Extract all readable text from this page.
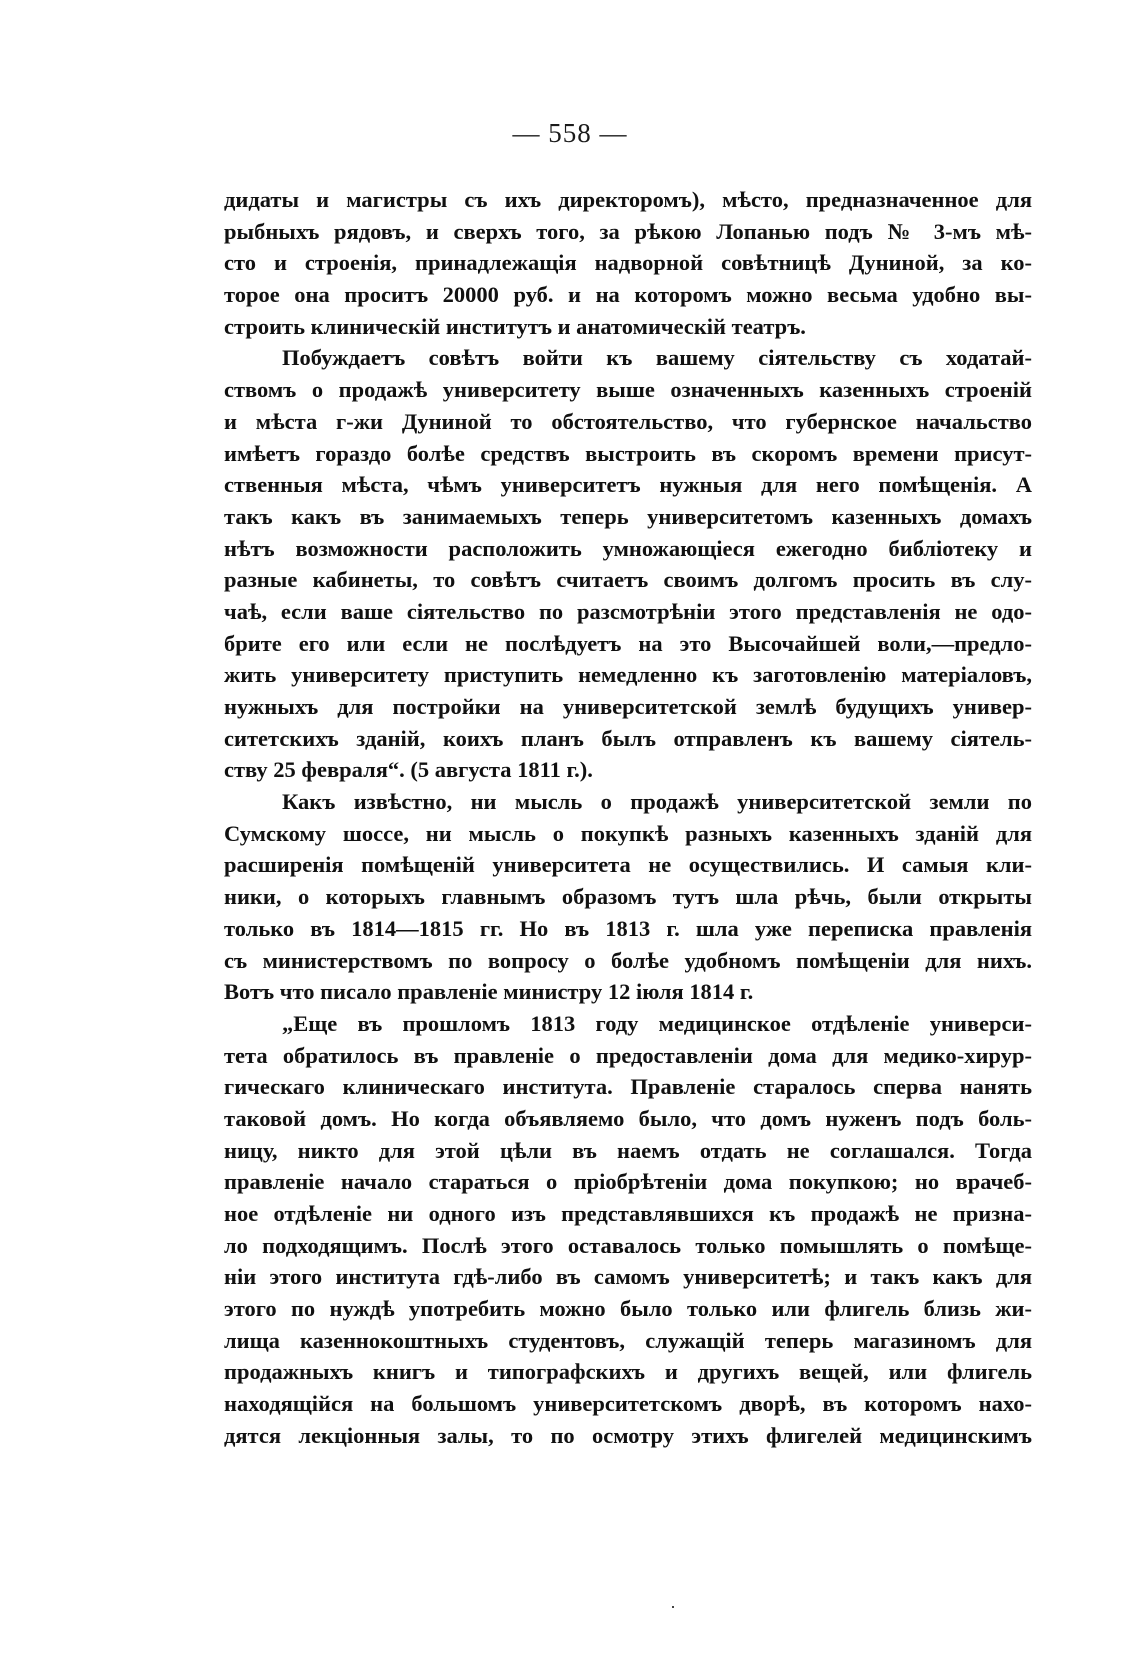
— 558 —
дидаты и магистры съ ихъ директоромъ), мѣсто, предназначенное для
рыбныхъ рядовъ, и сверхъ того, за рѣкою Лопанью подъ № 3-мъ мѣ-
сто и строенія, принадлежащія надворной совѣтницѣ Дуниной, за ко-
торое она проситъ 20000 руб. и на которомъ можно весьма удобно вы-
строить клиническій институтъ и анатомическій театръ.
Побуждаетъ совѣтъ войти къ вашему сіятельству съ ходатай-
ствомъ о продажѣ университету выше означенныхъ казенныхъ строеній
и мѣста г-жи Дуниной то обстоятельство, что губернское начальство
имѣетъ гораздо болѣе средствъ выстроить въ скоромъ времени присут-
ственныя мѣста, чѣмъ университетъ нужныя для него помѣщенія. А
такъ какъ въ занимаемыхъ теперь университетомъ казенныхъ домахъ
нѣтъ возможности расположить умножающіеся ежегодно библіотеку и
разные кабинеты, то совѣтъ считаетъ своимъ долгомъ просить въ слу-
чаѣ, если ваше сіятельство по разсмотрѣніи этого представленія не одо-
брите его или если не послѣдуетъ на это Высочайшей воли,—предло-
жить университету приступить немедленно къ заготовленію матеріаловъ,
нужныхъ для постройки на университетской землѣ будущихъ универ-
ситетскихъ зданій, коихъ планъ былъ отправленъ къ вашему сіятель-
ству 25 февраля“. (5 августа 1811 г.).
Какъ извѣстно, ни мысль о продажѣ университетской земли по
Сумскому шоссе, ни мысль о покупкѣ разныхъ казенныхъ зданій для
расширенія помѣщеній университета не осуществились. И самыя кли-
ники, о которыхъ главнымъ образомъ тутъ шла рѣчь, были открыты
только въ 1814—1815 гг. Но въ 1813 г. шла уже переписка правленія
съ министерствомъ по вопросу о болѣе удобномъ помѣщеніи для нихъ.
Вотъ что писало правленіе министру 12 іюля 1814 г.
„Еще въ прошломъ 1813 году медицинское отдѣленіе универси-
тета обратилось въ правленіе о предоставленіи дома для медико-хирур-
гическаго клиническаго института. Правленіе старалось сперва нанять
таковой домъ. Но когда объявляемо было, что домъ нуженъ подъ боль-
ницу, никто для этой цѣли въ наемъ отдать не соглашался. Тогда
правленіе начало стараться о пріобрѣтеніи дома покупкою; но врачеб-
ное отдѣленіе ни одного изъ представлявшихся къ продажѣ не призна-
ло подходящимъ. Послѣ этого оставалось только помышлять о помѣще-
ніи этого института гдѣ-либо въ самомъ университетѣ; и такъ какъ для
этого по нуждѣ употребить можно было только или флигель близь жи-
лища казеннокоштныхъ студентовъ, служащій теперь магазиномъ для
продажныхъ книгъ и типографскихъ и другихъ вещей, или флигель
находящійся на большомъ университетскомъ дворѣ, въ которомъ нахо-
дятся лекціонныя залы, то по осмотру этихъ флигелей медицинскимъ
